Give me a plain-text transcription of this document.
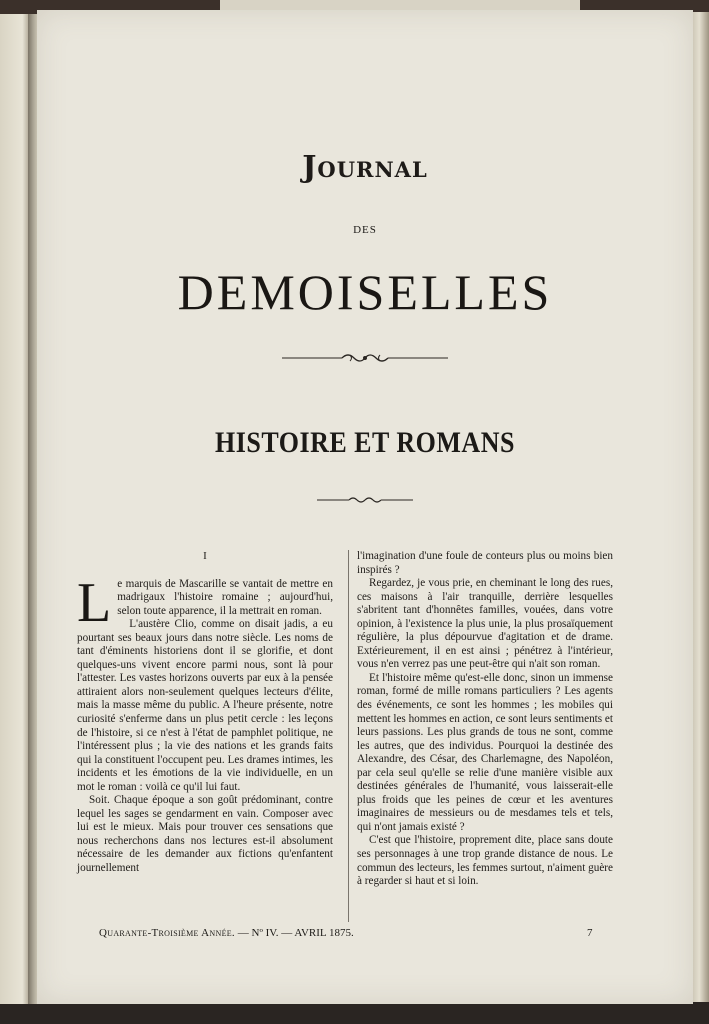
Journal
DES
DEMOISELLES
HISTOIRE ET ROMANS
I

Le marquis de Mascarille se vantait de mettre en madrigaux l'histoire romaine ; aujourd'hui, selon toute apparence, il la mettrait en roman.

L'austère Clio, comme on disait jadis, a eu pourtant ses beaux jours dans notre siècle. Les noms de tant d'éminents historiens dont il se glorifie, et dont quelques-uns vivent encore parmi nous, sont là pour l'attester. Les vastes horizons ouverts par eux à la pensée attiraient alors non-seulement quelques lecteurs d'élite, mais la masse même du public. A l'heure présente, notre curiosité s'enferme dans un plus petit cercle : les leçons de l'histoire, si ce n'est à l'état de pamphlet politique, ne l'intéressent plus ; la vie des nations et les grands faits qui la constituent l'occupent peu. Les drames intimes, les incidents et les émotions de la vie individuelle, en un mot le roman : voilà ce qu'il lui faut.

Soit. Chaque époque a son goût prédominant, contre lequel les sages se gendarment en vain. Composer avec lui est le mieux. Mais pour trouver ces sensations que nous recherchons dans nos lectures est-il absolument nécessaire de les demander aux fictions qu'enfantent journellement

l'imagination d'une foule de conteurs plus ou moins bien inspirés ?

Regardez, je vous prie, en cheminant le long des rues, ces maisons à l'air tranquille, derrière lesquelles s'abritent tant d'honnêtes familles, vouées, dans votre opinion, à l'existence la plus unie, la plus prosaïquement régulière, la plus dépourvue d'agitation et de drame. Extérieurement, il en est ainsi ; pénétrez à l'intérieur, vous n'en verrez pas une peut-être qui n'ait son roman.

Et l'histoire même qu'est-elle donc, sinon un immense roman, formé de mille romans particuliers ? Les agents des événements, ce sont les hommes ; les mobiles qui mettent les hommes en action, ce sont leurs sentiments et leurs passions. Les plus grands de tous ne sont, comme les autres, que des individus. Pourquoi la destinée des Alexandre, des César, des Charlemagne, des Napoléon, par cela seul qu'elle se relie d'une manière visible aux destinées générales de l'humanité, vous laisserait-elle plus froids que les peines de cœur et les aventures imaginaires de messieurs ou de mesdames tels et tels, qui n'ont jamais existé ?

C'est que l'histoire, proprement dite, place sans doute ses personnages à une trop grande distance de nous. Le commun des lecteurs, les femmes surtout, n'aiment guère à regarder si haut et si loin.

Quarante-Troisième Année. — Nº IV. — AVRIL 1875.	7
